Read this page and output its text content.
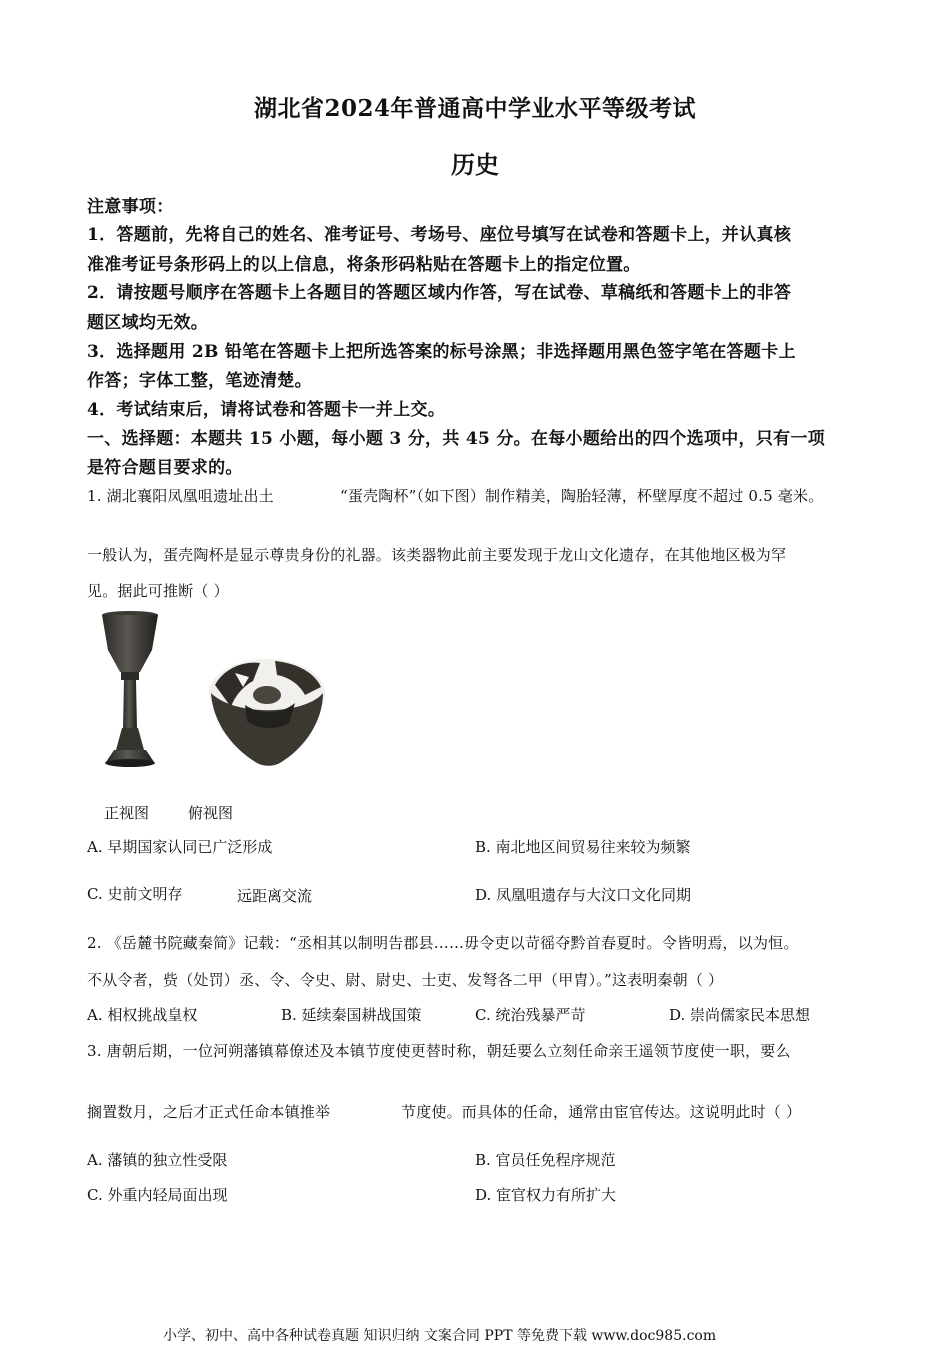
湖北省2024年普通高中学业水平等级考试
历史
注意事项：
1．答题前，先将自己的姓名、准考证号、考场号、座位号填写在试卷和答题卡上，并认真核
准准考证号条形码上的以上信息，将条形码粘贴在答题卡上的指定位置。
2．请按题号顺序在答题卡上各题目的答题区域内作答，写在试卷、草稿纸和答题卡上的非答
题区域均无效。
3．选择题用 2B 铅笔在答题卡上把所选答案的标号涂黑；非选择题用黑色签字笔在答题卡上
作答；字体工整，笔迹清楚。
4．考试结束后，请将试卷和答题卡一并上交。
一、选择题：本题共 15 小题，每小题 3 分，共 45 分。在每小题给出的四个选项中，只有一项
是符合题目要求的。
1. 湖北襄阳凤凰咀遗址出土	“蛋壳陶杯”（如下图）制作精美，陶胎轻薄，杯壁厚度不超过 0.5 毫米。
一般认为，蛋壳陶杯是显示尊贵身份的礼器。该类器物此前主要发现于龙山文化遗存，在其他地区极为罕
见。据此可推断（ ）
正视图	俯视图
A. 早期国家认同已广泛形成	B. 南北地区间贸易往来较为频繁
C. 史前文明存	远距离交流	D. 凤凰咀遗存与大汶口文化同期
2. 《岳麓书院藏秦简》记载：“丞相其以制明告郡县……毋令吏以苛徭夺黔首春夏时。令皆明焉，以为恒。
不从令者，赀（处罚）丞、令、令史、尉、尉史、士吏、发弩各二甲（甲胄）。”这表明秦朝（ ）
A. 相权挑战皇权	B. 延续秦国耕战国策	C. 统治残暴严苛	D. 崇尚儒家民本思想
3. 唐朝后期，一位河朔藩镇幕僚述及本镇节度使更替时称，朝廷要么立刻任命亲王遥领节度使一职，要么
搁置数月，之后才正式任命本镇推举	节度使。而具体的任命，通常由宦官传达。这说明此时（ ）
A. 藩镇的独立性受限	B. 官员任免程序规范
C. 外重内轻局面出现	D. 宦官权力有所扩大
小学、初中、高中各种试卷真题 知识归纳 文案合同 PPT 等免费下载 www.doc985.com
